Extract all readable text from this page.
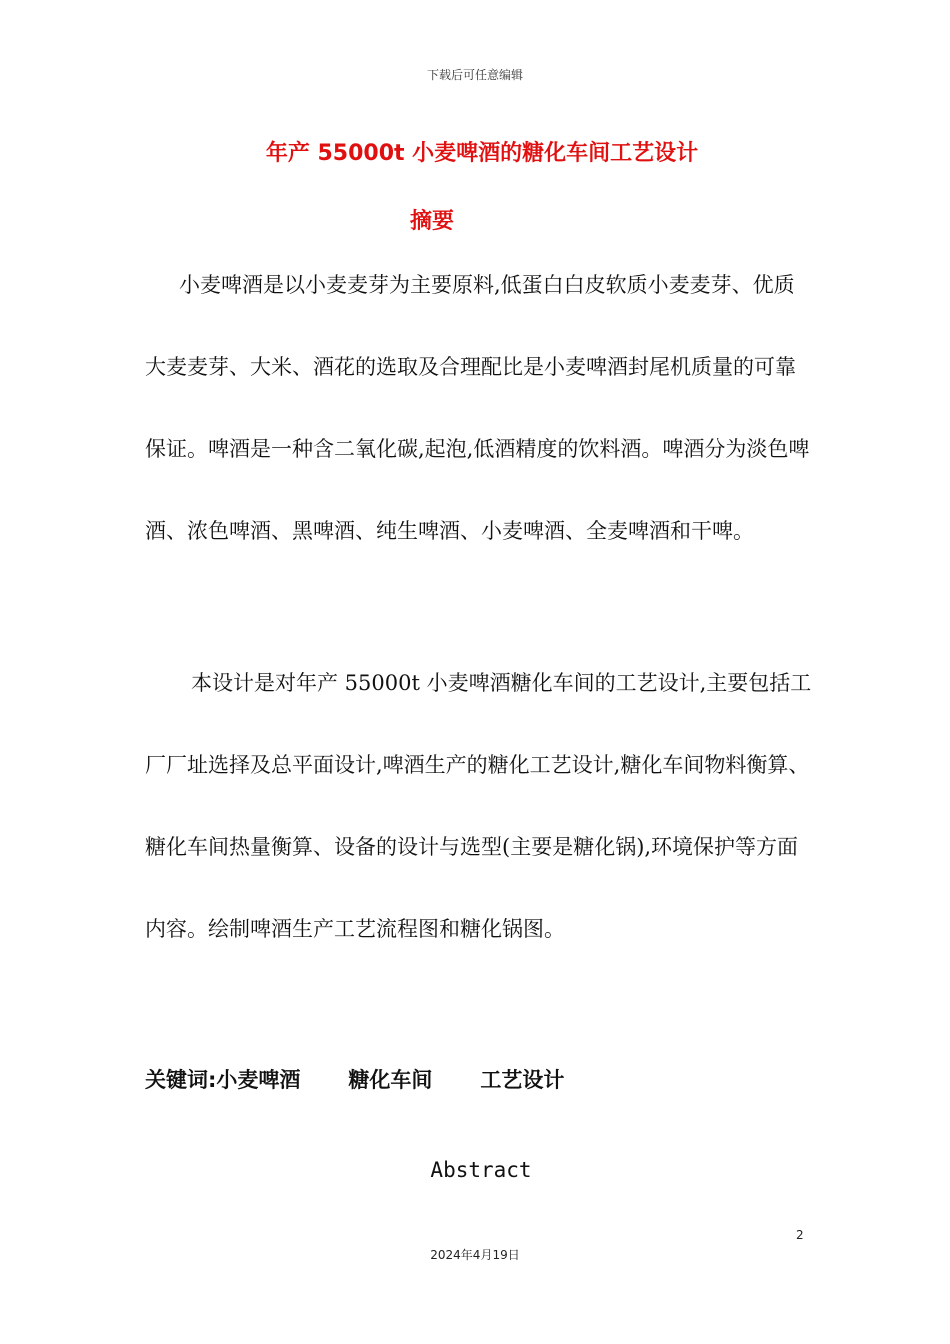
下载后可任意编辑
年产 55000t 小麦啤酒的糖化车间工艺设计
摘要

小麦啤酒是以小麦麦芽为主要原料,低蛋白白皮软质小麦麦芽、优质大麦麦芽、大米、酒花的选取及合理配比是小麦啤酒封尾机质量的可靠保证。啤酒是一种含二氧化碳,起泡,低酒精度的饮料酒。啤酒分为淡色啤酒、浓色啤酒、黑啤酒、纯生啤酒、小麦啤酒、全麦啤酒和干啤。

本设计是对年产 55000t 小麦啤酒糖化车间的工艺设计,主要包括工厂厂址选择及总平面设计,啤酒生产的糖化工艺设计,糖化车间物料衡算、糖化车间热量衡算、设备的设计与选型(主要是糖化锅),环境保护等方面内容。绘制啤酒生产工艺流程图和糖化锅图。

关键词:小麦啤酒 糖化车间 工艺设计
Abstract
2
2024年4月19日
